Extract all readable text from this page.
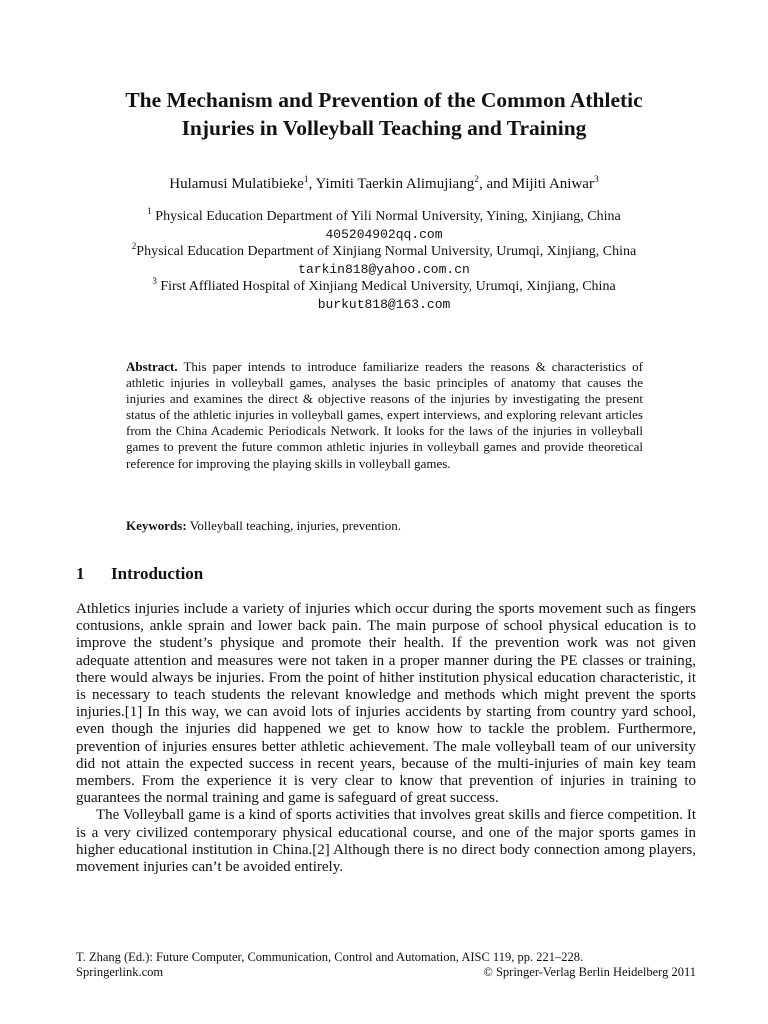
The Mechanism and Prevention of the Common Athletic
Injuries in Volleyball Teaching and Training
Hulamusi Mulatibieke$^1$, Yimiti Taerkin Alimujiang$^2$, and Mijiti Aniwar$^3$
$^1$ Physical Education Department of Yili Normal University, Yining, Xinjiang, China
405204902qq.com
$^2$Physical Education Department of Xinjiang Normal University, Urumqi, Xinjiang, China
tarkin818@yahoo.com.cn
$^3$ First Affliated Hospital of Xinjiang Medical University, Urumqi, Xinjiang, China
burkut818@163.com
Abstract. This paper intends to introduce familiarize readers the reasons & characteristics of athletic injuries in volleyball games, analyses the basic principles of anatomy that causes the injuries and examines the direct & objective reasons of the injuries by investigating the present status of the athletic injuries in volleyball games, expert interviews, and exploring relevant articles from the China Academic Periodicals Network. It looks for the laws of the injuries in volleyball games to prevent the future common athletic injuries in volleyball games and provide theoretical reference for improving the playing skills in volleyball games.
Keywords: Volleyball teaching, injuries, prevention.
1 Introduction

Athletics injuries include a variety of injuries which occur during the sports movement such as fingers contusions, ankle sprain and lower back pain. The main purpose of school physical education is to improve the student’s physique and promote their health. If the prevention work was not given adequate attention and measures were not taken in a proper manner during the PE classes or training, there would always be injuries. From the point of hither institution physical education characteristic, it is necessary to teach students the relevant knowledge and methods which might prevent the sports injuries.[1] In this way, we can avoid lots of injuries accidents by starting from country yard school, even though the injuries did happened we get to know how to tackle the problem. Furthermore, prevention of injuries ensures better athletic achievement. The male volleyball team of our university did not attain the expected success in recent years, because of the multi-injuries of main key team members. From the experience it is very clear to know that prevention of injuries in training to guarantees the normal training and game is safeguard of great success.

The Volleyball game is a kind of sports activities that involves great skills and fierce competition. It is a very civilized contemporary physical educational course, and one of the major sports games in higher educational institution in China.[2] Although there is no direct body connection among players, movement injuries can’t be avoided entirely.

T. Zhang (Ed.): Future Computer, Communication, Control and Automation, AISC 119, pp. 221–228.
Springerlink.com	© Springer-Verlag Berlin Heidelberg 2011
